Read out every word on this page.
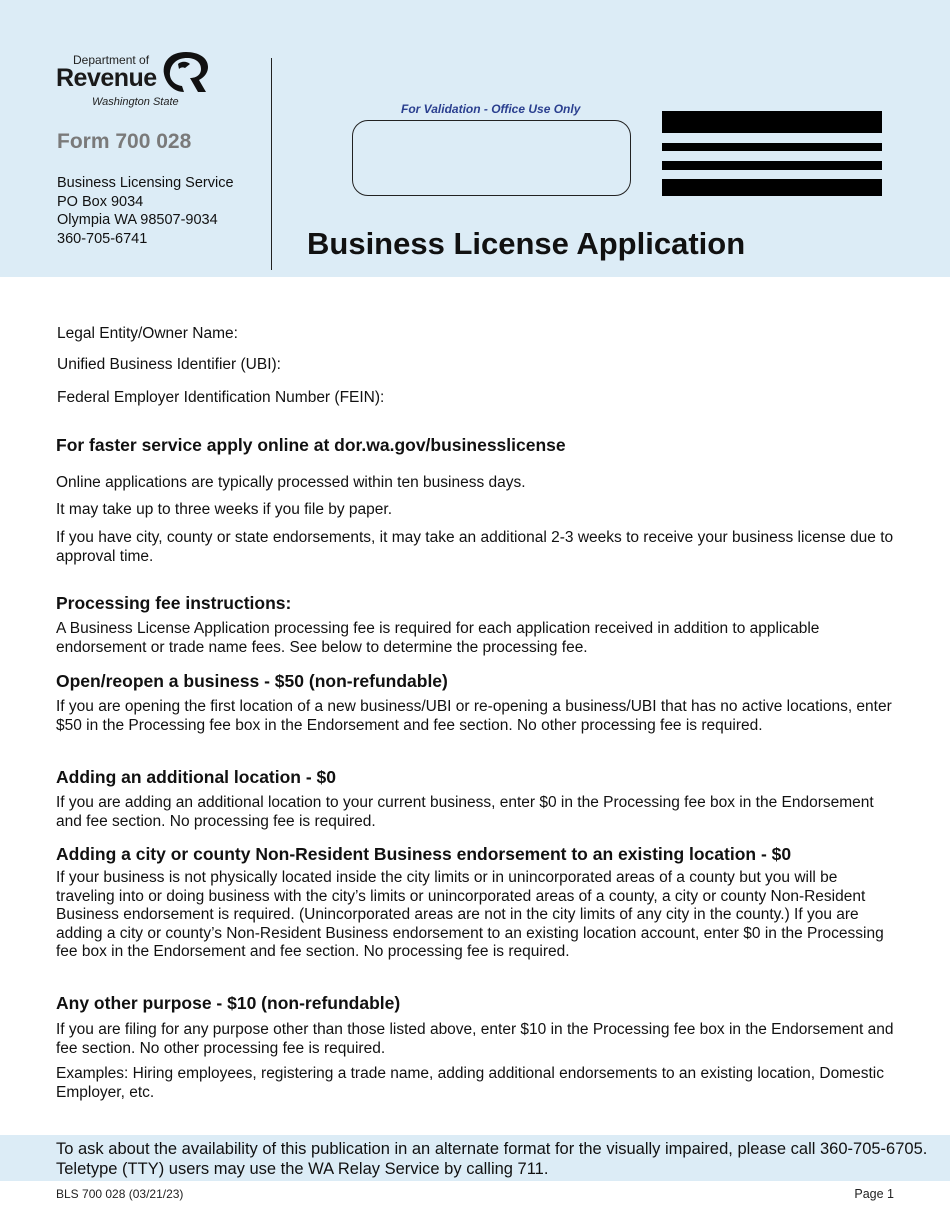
Department of
Revenue
Washington State
Form 700 028
Business Licensing Service
PO Box 9034
Olympia WA 98507-9034
360-705-6741
For Validation - Office Use Only
Business License Application
Legal Entity/Owner Name:
Unified Business Identifier (UBI):
Federal Employer Identification Number (FEIN):
For faster service apply online at dor.wa.gov/businesslicense
Online applications are typically processed within ten business days.
It may take up to three weeks if you file by paper.
If you have city, county or state endorsements, it may take an additional 2-3 weeks to receive your business license due to approval time.
Processing fee instructions:
A Business License Application processing fee is required for each application received in addition to applicable endorsement or trade name fees. See below to determine the processing fee.
Open/reopen a business - $50 (non-refundable)
If you are opening the first location of a new business/UBI or re-opening a business/UBI that has no active locations, enter $50 in the Processing fee box in the Endorsement and fee section. No other processing fee is required.
Adding an additional location - $0
If you are adding an additional location to your current business, enter $0 in the Processing fee box in the Endorsement and fee section. No processing fee is required.
Adding a city or county Non-Resident Business endorsement to an existing location - $0
If your business is not physically located inside the city limits or in unincorporated areas of a county but you will be traveling into or doing business with the city’s limits or unincorporated areas of a county, a city or county Non-Resident Business endorsement is required. (Unincorporated areas are not in the city limits of any city in the county.) If you are adding a city or county’s Non-Resident Business endorsement to an existing location account, enter $0 in the Processing fee box in the Endorsement and fee section. No processing fee is required.
Any other purpose - $10 (non-refundable)
If you are filing for any purpose other than those listed above, enter $10 in the Processing fee box in the Endorsement and fee section. No other processing fee is required.
Examples: Hiring employees, registering a trade name, adding additional endorsements to an existing location, Domestic Employer, etc.
To ask about the availability of this publication in an alternate format for the visually impaired, please call 360-705-6705. Teletype (TTY) users may use the WA Relay Service by calling 711.
BLS 700 028 (03/21/23)	Page 1
